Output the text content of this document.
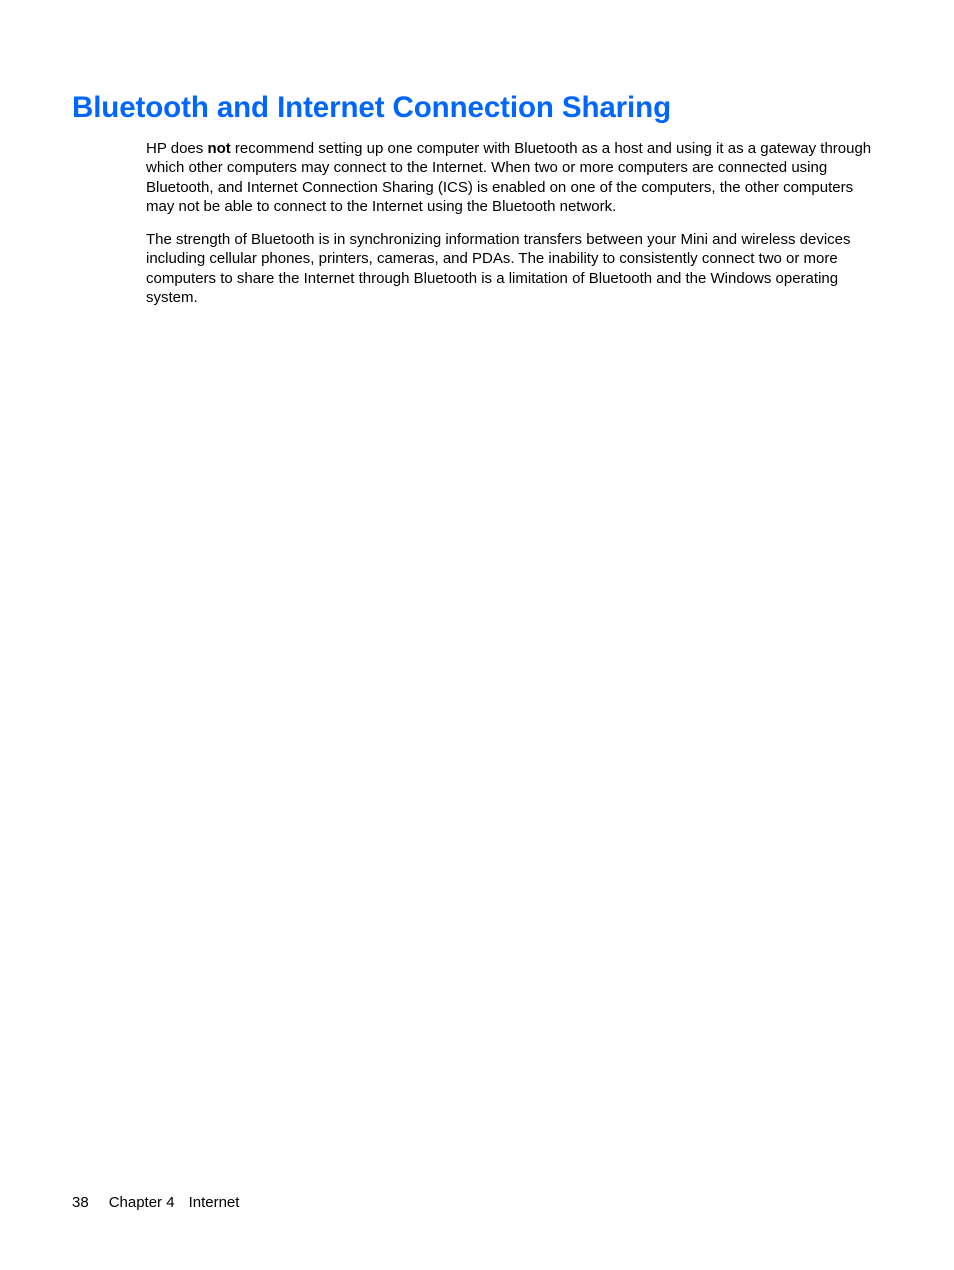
Bluetooth and Internet Connection Sharing

HP does not recommend setting up one computer with Bluetooth as a host and using it as a gateway through which other computers may connect to the Internet. When two or more computers are connected using Bluetooth, and Internet Connection Sharing (ICS) is enabled on one of the computers, the other computers may not be able to connect to the Internet using the Bluetooth network.

The strength of Bluetooth is in synchronizing information transfers between your Mini and wireless devices including cellular phones, printers, cameras, and PDAs. The inability to consistently connect two or more computers to share the Internet through Bluetooth is a limitation of Bluetooth and the Windows operating system.

38 Chapter 4 Internet
